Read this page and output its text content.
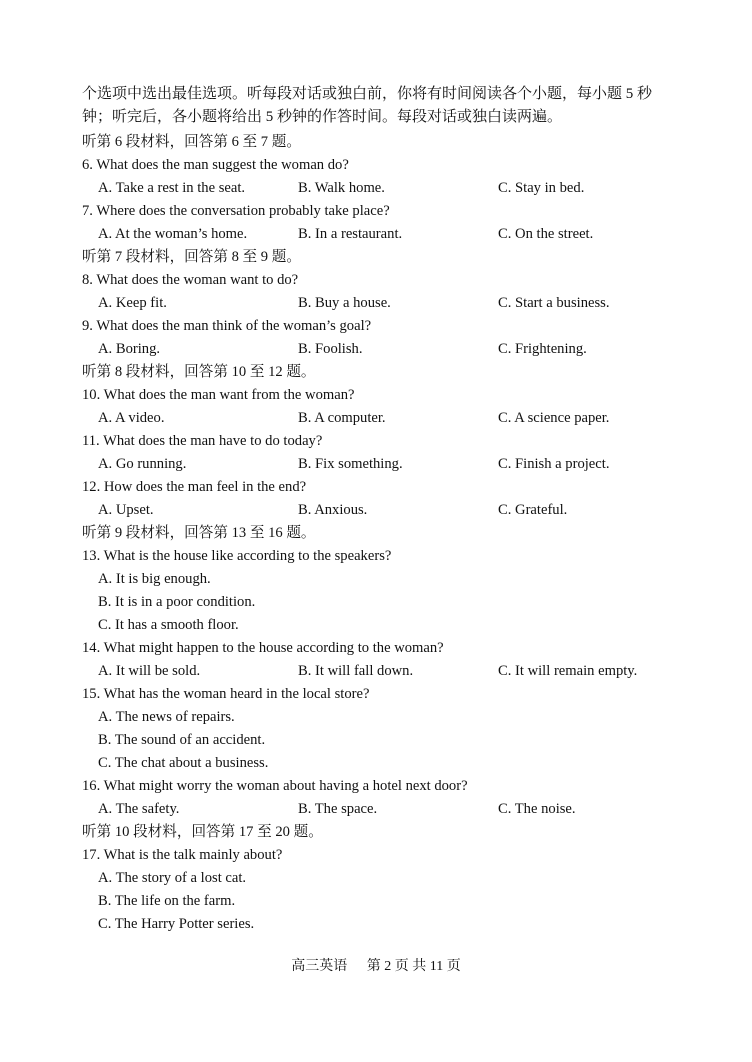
个选项中选出最佳选项。听每段对话或独白前，你将有时间阅读各个小题，每小题 5 秒

钟；听完后，各小题将给出 5 秒钟的作答时间。每段对话或独白读两遍。

听第 6 段材料，回答第 6 至 7 题。
6. What does the man suggest the woman do?
A. Take a rest in the seat.	B. Walk home.	C. Stay in bed.
7. Where does the conversation probably take place?
A. At the woman’s home.	B. In a restaurant.	C. On the street.
听第 7 段材料，回答第 8 至 9 题。
8. What does the woman want to do?
A. Keep fit.	B. Buy a house.	C. Start a business.
9. What does the man think of the woman’s goal?
A. Boring.	B. Foolish.	C. Frightening.
听第 8 段材料，回答第 10 至 12 题。
10. What does the man want from the woman?
A. A video.	B. A computer.	C. A science paper.
11. What does the man have to do today?
A. Go running.	B. Fix something.	C. Finish a project.
12. How does the man feel in the end?
A. Upset.	B. Anxious.	C. Grateful.
听第 9 段材料，回答第 13 至 16 题。
13. What is the house like according to the speakers?
A. It is big enough.
B. It is in a poor condition.
C. It has a smooth floor.
14. What might happen to the house according to the woman?
A. It will be sold.	B. It will fall down.	C. It will remain empty.
15. What has the woman heard in the local store?
A. The news of repairs.
B. The sound of an accident.
C. The chat about a business.
16. What might worry the woman about having a hotel next door?
A. The safety.	B. The space.	C. The noise.
听第 10 段材料，回答第 17 至 20 题。
17. What is the talk mainly about?
A. The story of a lost cat.
B. The life on the farm.
C. The Harry Potter series.
高三英语 第 2 页 共 11 页
